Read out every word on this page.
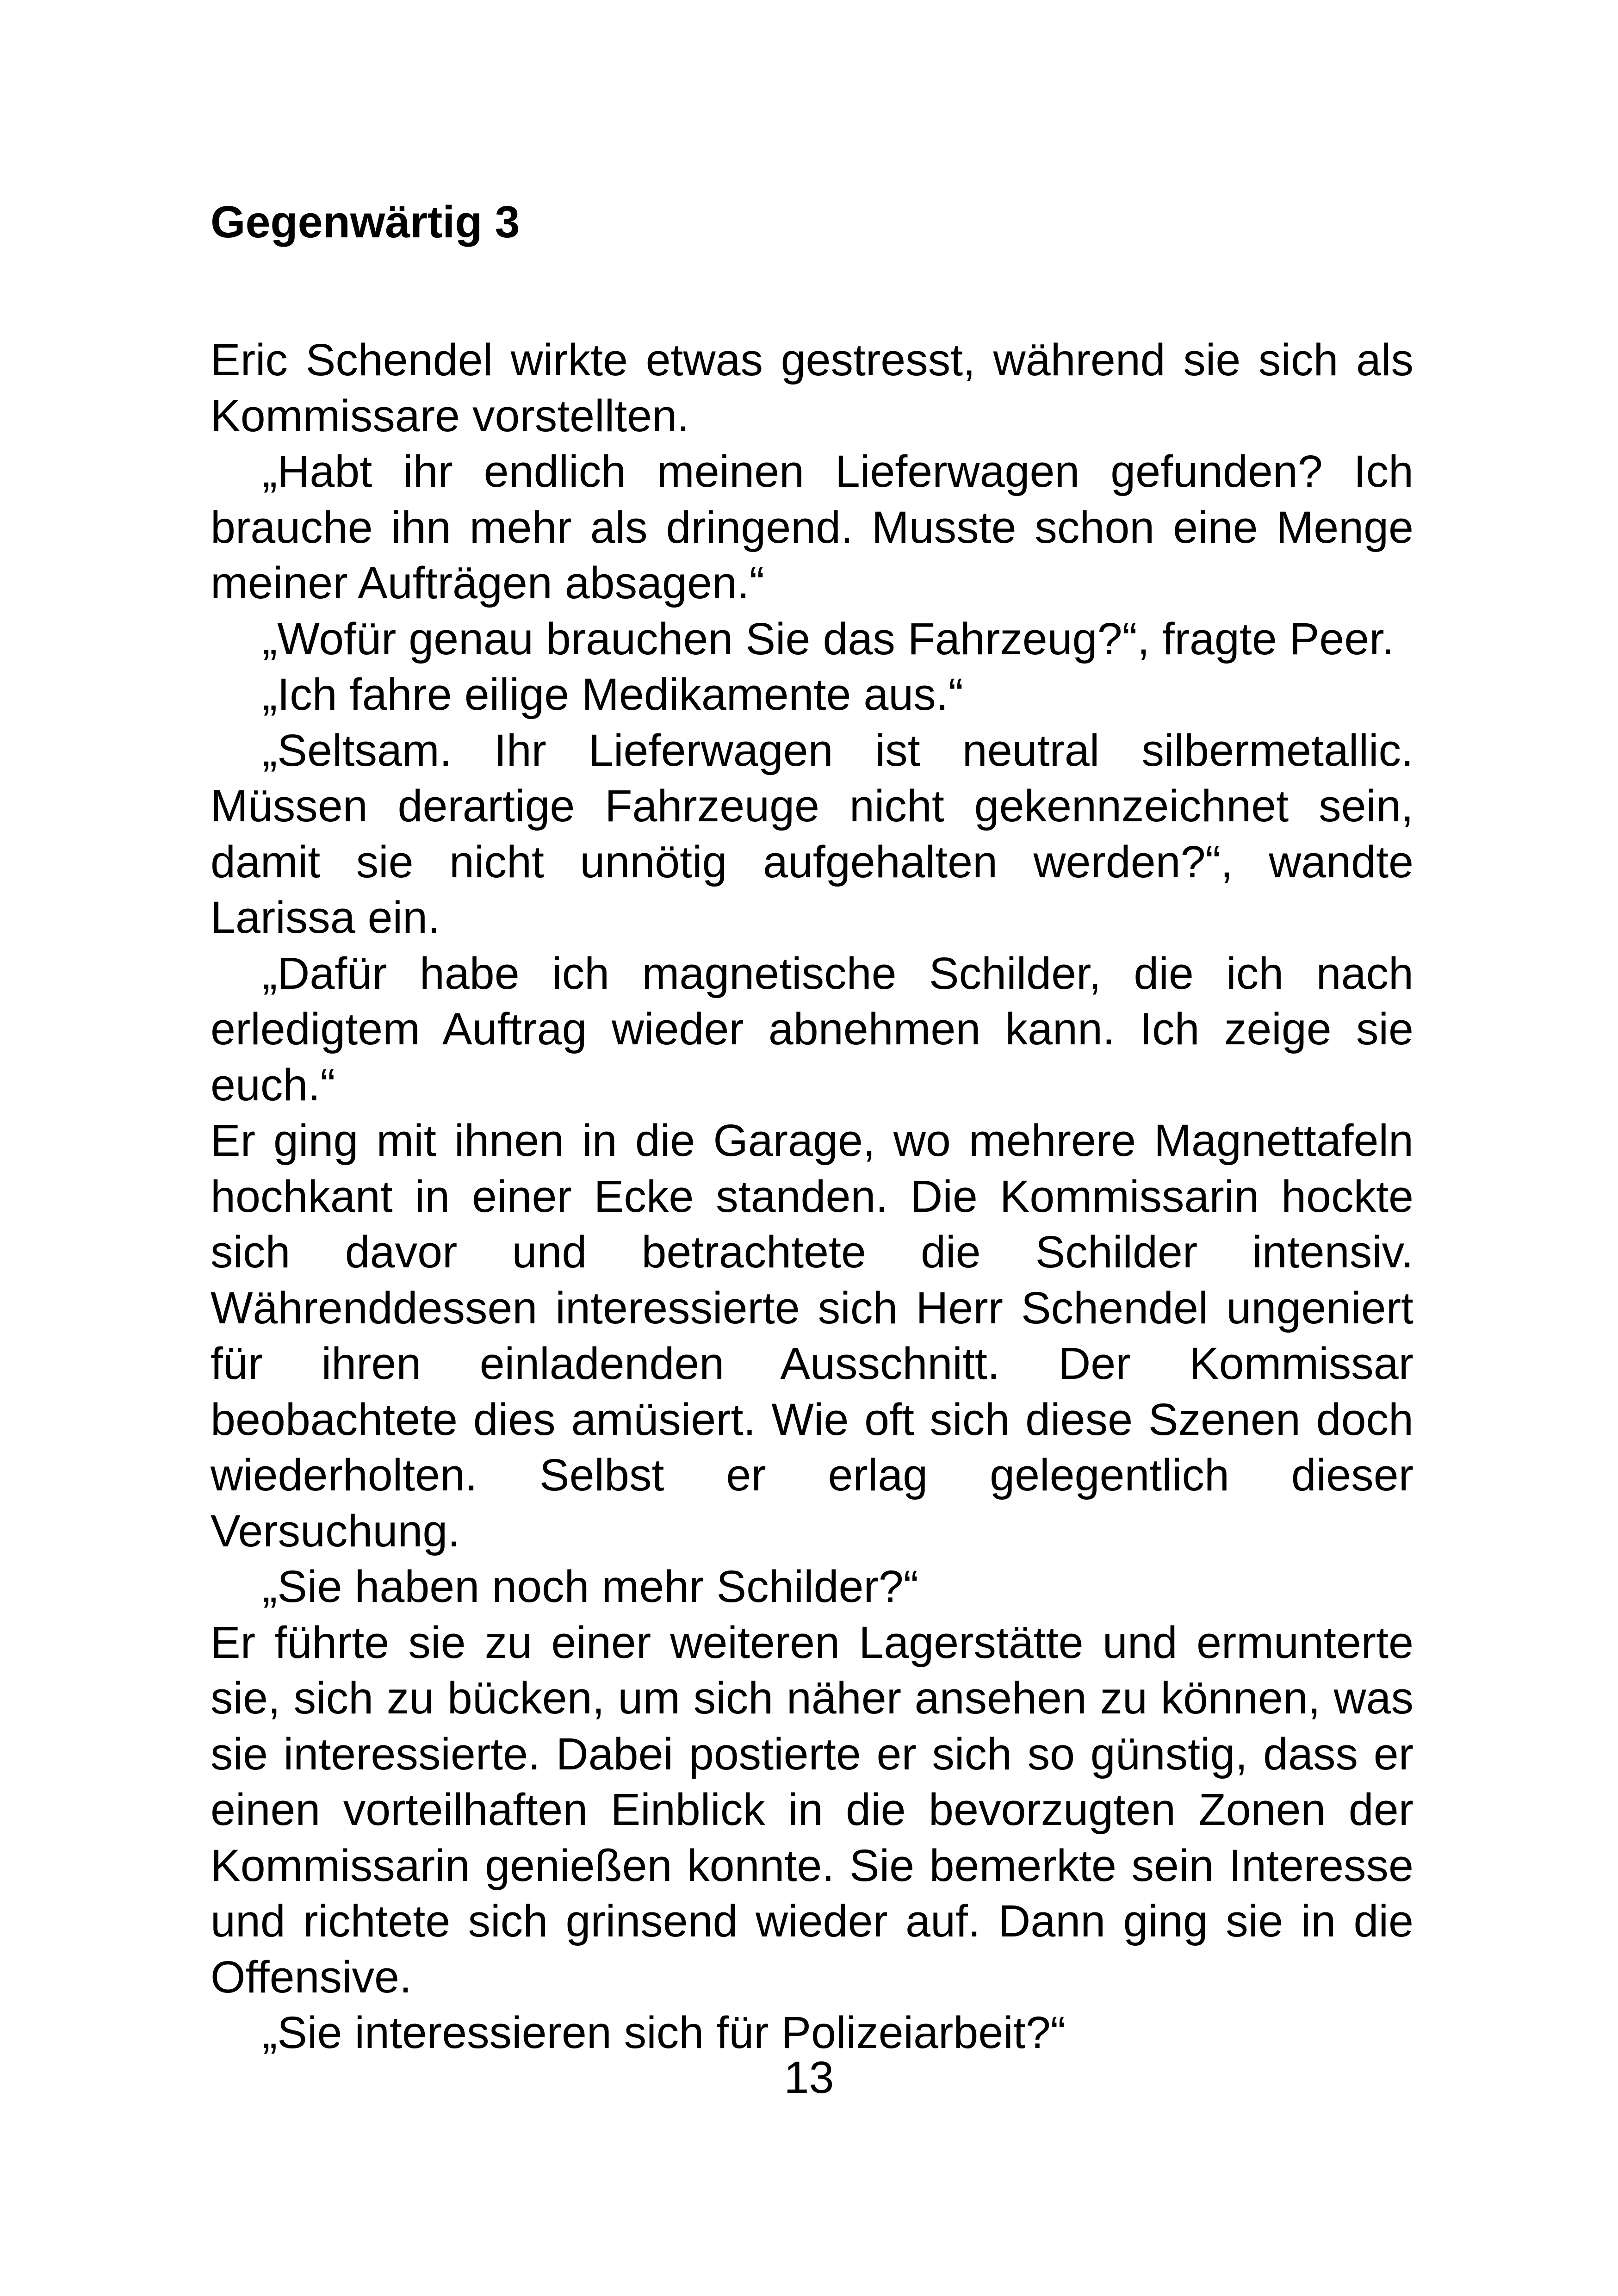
Gegenwärtig 3

Eric Schendel wirkte etwas gestresst, während sie sich als Kommissare vorstellten.

„Habt ihr endlich meinen Lieferwagen gefunden? Ich brauche ihn mehr als dringend. Musste schon eine Menge meiner Aufträgen absagen.“

„Wofür genau brauchen Sie das Fahrzeug?“, fragte Peer.

„Ich fahre eilige Medikamente aus.“

„Seltsam. Ihr Lieferwagen ist neutral silbermetallic. Müssen derartige Fahrzeuge nicht gekennzeichnet sein, damit sie nicht unnötig aufgehalten werden?“, wandte Larissa ein.

„Dafür habe ich magnetische Schilder, die ich nach erledigtem Auftrag wieder abnehmen kann. Ich zeige sie euch.“

Er ging mit ihnen in die Garage, wo mehrere Magnettafeln hochkant in einer Ecke standen. Die Kommissarin hockte sich davor und betrachtete die Schilder intensiv. Währenddessen interessierte sich Herr Schendel ungeniert für ihren einladenden Ausschnitt. Der Kommissar beobachtete dies amüsiert. Wie oft sich diese Szenen doch wiederholten. Selbst er erlag gelegentlich dieser Versuchung.

„Sie haben noch mehr Schilder?“

Er führte sie zu einer weiteren Lagerstätte und ermunterte sie, sich zu bücken, um sich näher ansehen zu können, was sie interessierte. Dabei postierte er sich so günstig, dass er einen vorteilhaften Einblick in die bevorzugten Zonen der Kommissarin genießen konnte. Sie bemerkte sein Interesse und richtete sich grinsend wieder auf. Dann ging sie in die Offensive.

„Sie interessieren sich für Polizeiarbeit?“

13
